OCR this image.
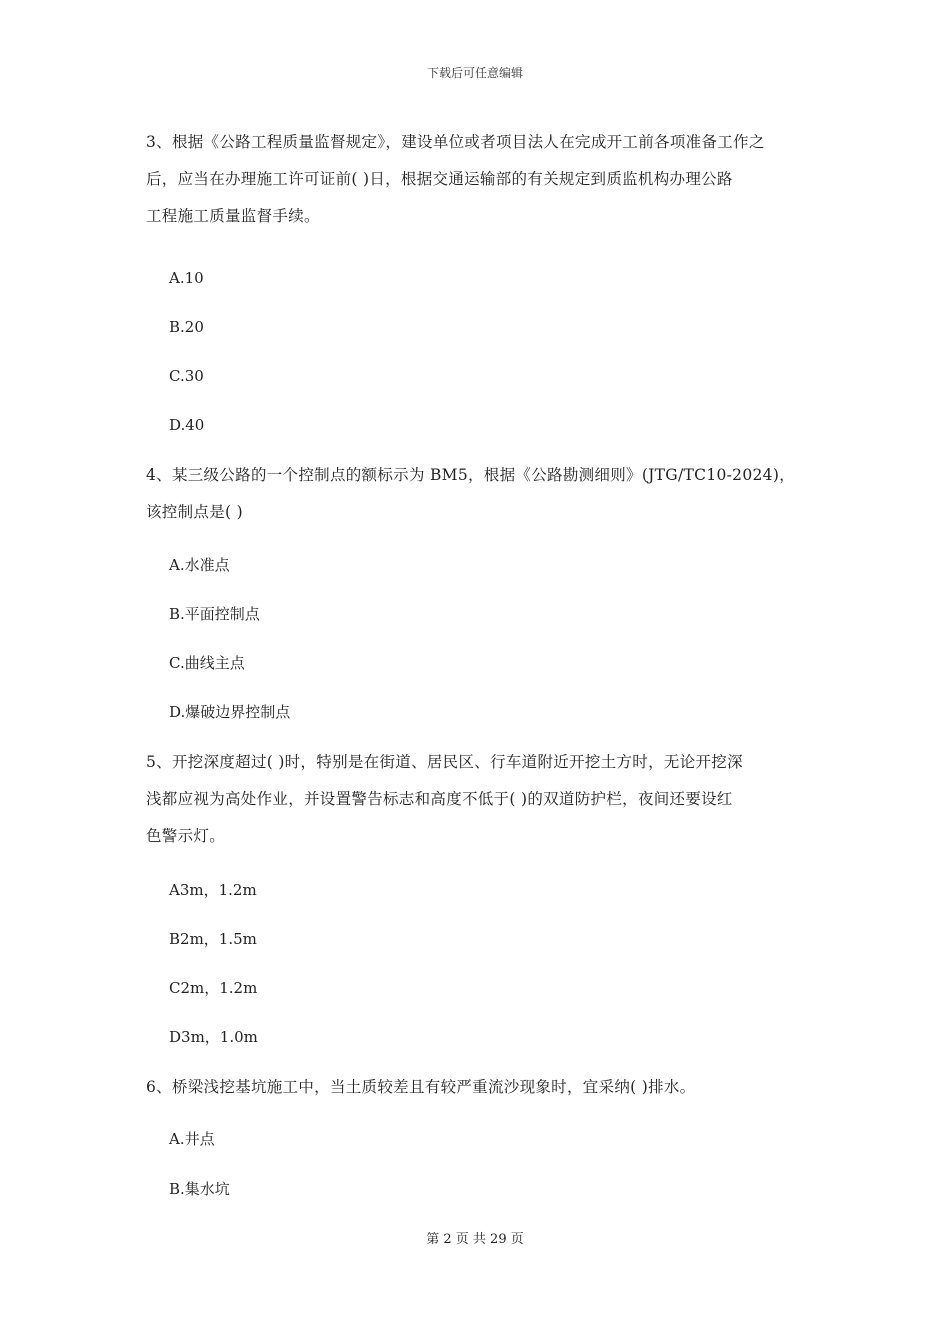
下载后可任意编辑
3、根据《公路工程质量监督规定》，建设单位或者项目法人在完成开工前各项准备工作之
后，应当在办理施工许可证前( )日，根据交通运输部的有关规定到质监机构办理公路
工程施工质量监督手续。
A.10
B.20
C.30
D.40
4、某三级公路的一个控制点的额标示为 BM5，根据《公路勘测细则》(JTG/TC10-2024)，
该控制点是( )
A.水准点
B.平面控制点
C.曲线主点
D.爆破边界控制点
5、开挖深度超过( )时，特别是在街道、居民区、行车道附近开挖土方时，无论开挖深
浅都应视为高处作业，并设置警告标志和高度不低于( )的双道防护栏，夜间还要设红
色警示灯。
A3m，1.2m
B2m，1.5m
C2m，1.2m
D3m，1.0m
6、桥梁浅挖基坑施工中，当土质较差且有较严重流沙现象时，宜采纳( )排水。
A.井点
B.集水坑
第 2 页 共 29 页
